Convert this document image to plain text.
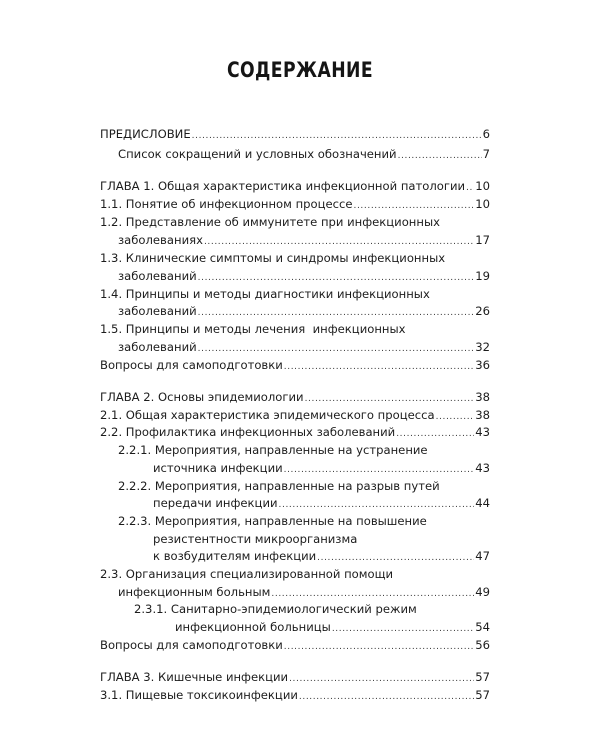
СОДЕРЖАНИЕ
ПРЕДИСЛОВИЕ .....	6
Список сокращений и условных обозначений .....	7
ГЛАВА 1. Общая характеристика инфекционной патологии ..... 10
1.1. Понятие об инфекционном процессе .....	10
1.2. Представление об иммунитете при инфекционных
заболеваниях .....	17
1.3. Клинические симптомы и синдромы инфекционных
заболеваний .....	19
1.4. Принципы и методы диагностики инфекционных
заболеваний .....	26
1.5. Принципы и методы лечения  инфекционных
заболеваний .....	32
Вопросы для самоподготовки .....	36
ГЛАВА 2. Основы эпидемиологии .....	38
2.1. Общая характеристика эпидемического процесса .....	38
2.2. Профилактика инфекционных заболеваний .....	43
2.2.1. Мероприятия, направленные на устранение
источника инфекции .....	43
2.2.2. Мероприятия, направленные на разрыв путей
передачи инфекции .....	44
2.2.3. Мероприятия, направленные на повышение
резистентности микроорганизма
к возбудителям инфекции .....	47
2.3. Организация специализированной помощи
инфекционным больным .....	49
2.3.1. Санитарно-эпидемиологический режим
инфекционной больницы .....	54
Вопросы для самоподготовки .....	56
ГЛАВА 3. Кишечные инфекции .....	57
3.1. Пищевые токсикоинфекции .....	57
